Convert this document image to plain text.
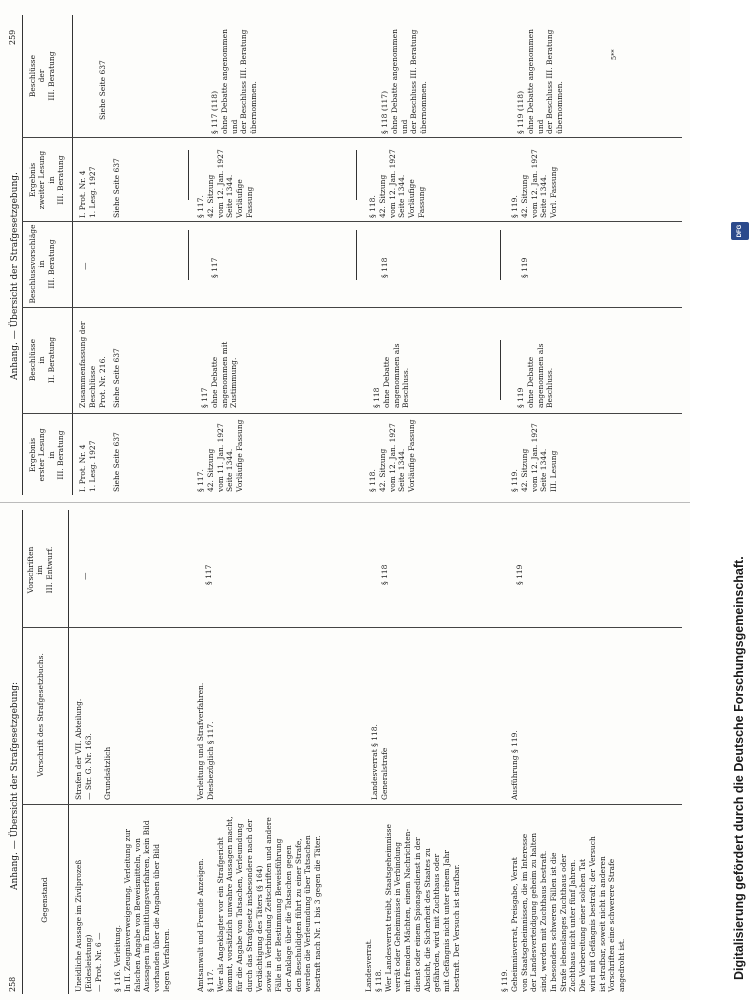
258
259
Anhang. — Übersicht der Strafgesetzgebung:
Gegenstand
Vorschrift des Strafgesetzbuchs.
Vorschriften
im
III. Entwurf.
Uneidliche Aussage im Zivilprozeß
(Eidesleistung)
— Prot. Nr. 6 —

§ 116. Verleitung.
In II. Zeugnisverweigerung, Verleitung zur
falschen Angabe von Beweismitteln, von
Aussagen im Ermittlungsverfahren, kein Bild
vorhanden über die Angaben über Bild
legen Verfahren.
Strafen der VII. Abteilung.
— Str. G. Nr. 163.

Grundsätzlich
—
Amtsanwalt und Fremde Anzeigen.
§ 117.
Wer als Angeklagter vor ein Strafgericht
kommt, vorsätzlich unwahre Aussagen macht,
für die Angabe von Tatsachen, Verleumdung
durch das Strafgesetz insbesondere nach der
Verdächtigung des Täters (§ 164)
sowie in Verbindung Zeitschriften und andere
Fälle in der Bestimmung Beweisführung
der Anklage über die Tatsachen gegen
den Beschuldigten führt zu einer Strafe,
werden die Verleumdung über Tatsachen
bestraft nach Nr. 1 bis 3 gegen die Täter.
Verleitung und Strafverfahren.
Diesbezüglich § 117.
§ 117
Landesverrat.
§ 118.
Wer Landesverrat treibt, Staatsgeheimnisse
verrät oder Geheimnisse in Verbindung
mit fremden Mächten, einem Nachrichten-
dienst oder einem Spionagedienst in der
Absicht, die Sicherheit des Staates zu
gefährden, wird mit Zuchthaus oder
mit Gefängnis nicht unter einem Jahr
bestraft. Der Versuch ist strafbar.
Landesverrat § 118.
Generalstrafe
§ 118
§ 119.
Geheimnisverrat, Preisgabe, Verrat
von Staatsgeheimnissen, die im Interesse
der Landesverteidigung geheim zu halten
sind, werden mit Zuchthaus bestraft.
In besonders schweren Fällen ist die
Strafe lebenslanges Zuchthaus oder
Zuchthaus nicht unter fünf Jahren.
Die Vorbereitung einer solchen Tat
wird mit Gefängnis bestraft; der Versuch
ist strafbar, soweit nicht in anderen
Vorschriften eine schwerere Strafe
angedroht ist.
Ausführung § 119.
§ 119
Anhang. — Übersicht der Strafgesetzgebung.
Ergebnis
erster Lesung
in
III. Beratung
Beschlüsse
in
II. Beratung
Beschlussvorschläge
in
III. Beratung
Ergebnis
zweiter Lesung
in
III. Beratung
Beschlüsse
der
III. Beratung
I. Prot. Nr. 4
1. Lesg. 1927
Zusammenfassung der Beschlüsse
Prot. Nr. 216.
—
I. Prot. Nr. 4
1. Lesg. 1927
Siehe Seite 637
Siehe Seite 637
Siehe Seite 637
Siehe Seite 637
§ 117.
42. Sitzung
vom 11. Jan. 1927
Seite 1344.
Vorläufige Fassung
§ 117
ohne Debatte angenommen mit
Zustimmung.
§ 117
§ 117.
42. Sitzung
vom 12. Jan. 1927
Seite 1344.
Vorläufige
Fassung
§ 117 (118)
ohne Debatte angenommen und
der Beschluss III. Beratung
übernommen.
§ 118.
42. Sitzung
vom 12. Jan. 1927
Seite 1344.
Vorläufige Fassung
§ 118
ohne Debatte angenommen als
Beschluss.
§ 118
§ 118.
42. Sitzung
vom 12. Jan. 1927
Seite 1344.
Vorläufige
Fassung
§ 118 (117)
ohne Debatte angenommen und
der Beschluss III. Beratung
übernommen.
§ 119.
42. Sitzung
vom 12. Jan. 1927
Seite 1344.
III. Lesung
§ 119
ohne Debatte angenommen als
Beschluss.
§ 119
§ 119.
42. Sitzung
vom 12. Jan. 1927
Seite 1344.
Vorl. Fassung
§ 119 (118)
ohne Debatte angenommen und
der Beschluss III. Beratung
übernommen.
5**
Digitalisierung gefördert durch die Deutsche Forschungsgemeinschaft.
DFG
